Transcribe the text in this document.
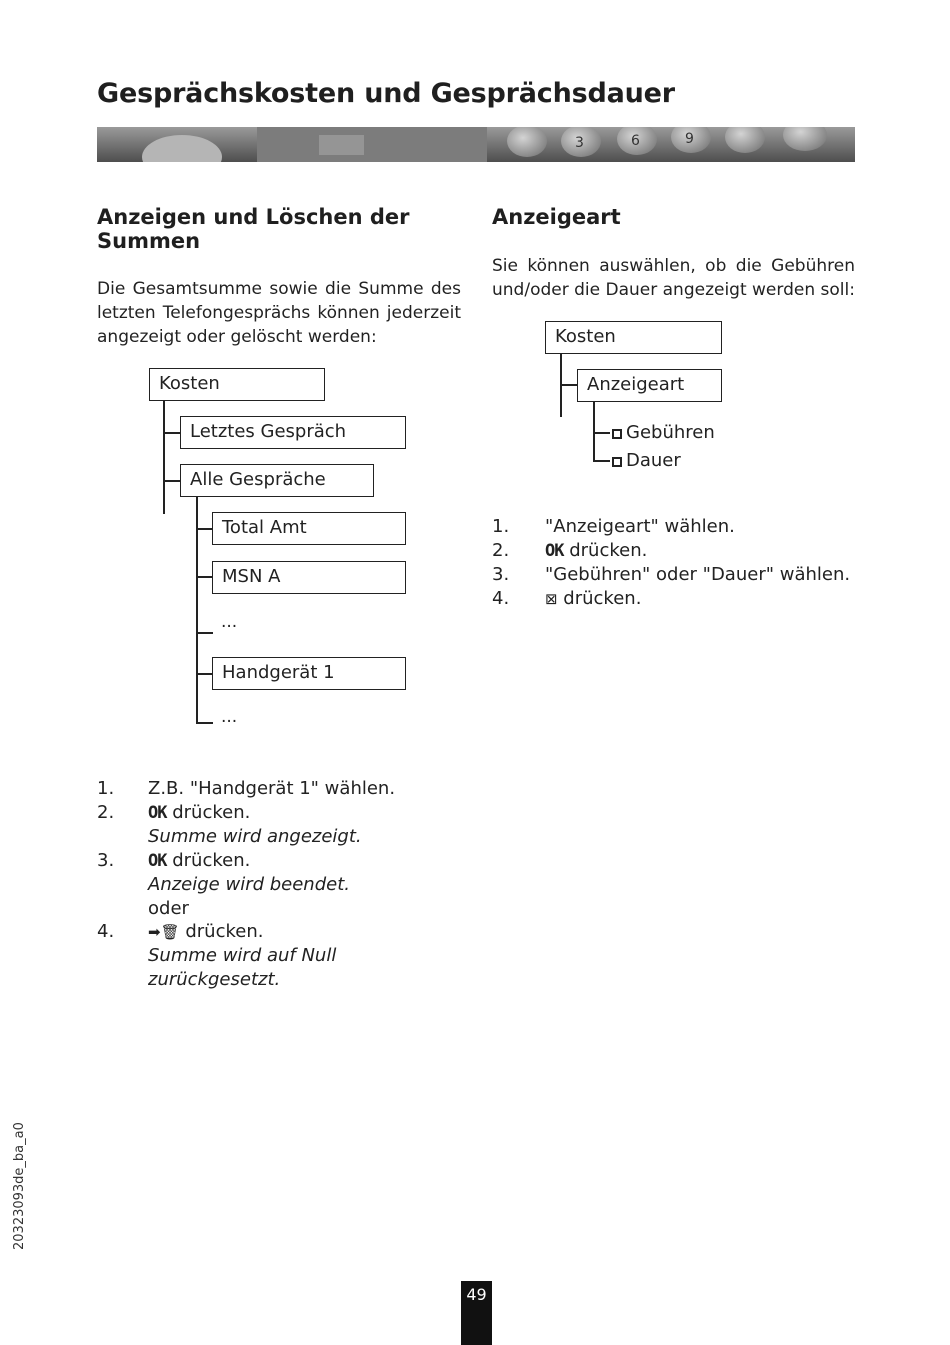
Gesprächskosten und Gesprächsdauer
3	6	9
Anzeigen und Löschen der Summen

Die Gesamtsumme sowie die Summe des letzten Telefongesprächs können jederzeit angezeigt oder gelöscht werden:

Kosten
Letztes Gespräch
Alle Gespräche
Total Amt
MSN A
...
Handgerät 1
...
1. Z.B. "Handgerät 1" wählen.
2. OK drücken.
Summe wird angezeigt.
3. OK drücken.
Anzeige wird beendet.
oder
4. ➡🗑 drücken.
Summe wird auf Null
zurückgesetzt.
Anzeigeart

Sie können auswählen, ob die Gebühren und/oder die Dauer angezeigt werden soll:

Kosten
Anzeigeart
Gebühren
Dauer
1. "Anzeigeart" wählen.
2. OK drücken.
3. "Gebühren" oder "Dauer" wählen.
4. ⊠ drücken.
20323093de_ba_a0
49
